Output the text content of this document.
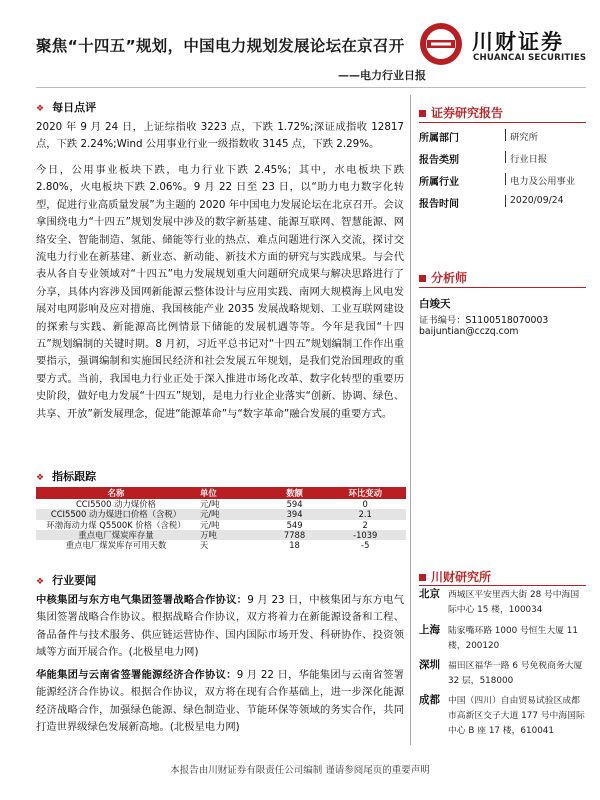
聚焦“十四五”规划，中国电力规划发展论坛在京召开
——电力行业日报
川财证券
CHUANCAI SECURITIES
❖ 每日点评

2020 年 9 月 24 日，上证综指收 3223 点，下跌 1.72%;深证成指收 12817 点，下跌 2.24%;Wind 公用事业行业一级指数收 3145 点，下跌 2.29%。

今日，公用事业板块下跌，电力行业下跌 2.45%；其中，水电板块下跌 2.80%，火电板块下跌 2.06%。9 月 22 日至 23 日，以“助力电力数字化转型，促进行业高质量发展”为主题的 2020 年中国电力发展论坛在北京召开。会议拿围绕电力“十四五”规划发展中涉及的数字新基建、能源互联网、智慧能源、网络安全、智能制造、氢能、储能等行业的热点、难点问题进行深入交流，探讨交流电力行业在新基建、新业态、新动能、新技术方面的研究与实践成果。与会代表从各自专业领域对“十四五”电力发展规划重大问题研究成果与解决思路进行了分享，具体内容涉及国网新能源云整体设计与应用实践、南网大规模海上风电发展对电网影响及应对措施、我国核能产业 2035 发展战略规划、工业互联网建设的探索与实践、新能源高比例情景下储能的发展机遇等等。今年是我国“十四五”规划编制的关键时期。8 月初，习近平总书记对“十四五”规划编制工作作出重要指示，强调编制和实施国民经济和社会发展五年规划，是我们党治国理政的重要方式。当前，我国电力行业正处于深入推进市场化改革、数字化转型的重要历史阶段，做好电力发展“十四五”规划，是电力行业企业落实“创新、协调、绿色、共享、开放”新发展理念，促进“能源革命”与“数字革命”融合发展的重要方式。

❖ 指标跟踪
名称	单位	数额	环比变动
CCI5500 动力煤价格	元/吨	594	0
CCI5500 动力煤进口价格（含税）	元/吨	394	2.1
环渤海动力煤 Q5500K 价格（含税）	元/吨	549	2
重点电厂煤炭库存量	万吨	7788	-1039
重点电厂煤炭库存可用天数	天	18	-5
❖ 行业要闻

中核集团与东方电气集团签署战略合作协议：9 月 23 日，中核集团与东方电气集团签署战略合作协议。根据战略合作协议，双方将着力在新能源设备和工程、备品备件与技术服务、供应链运营协作、国内国际市场开发、科研协作、投资领域等方面开展合作。(北极星电力网)

华能集团与云南省签署能源经济合作协议：9 月 22 日，华能集团与云南省签署能源经济合作协议。根据合作协议，双方将在现有合作基础上，进一步深化能源经济战略合作，加强绿色能源、绿色制造业、节能环保等领域的务实合作，共同打造世界级绿色发展新高地。(北极星电力网)

证券研究报告
所属部门	研究所
报告类别	行业日报
所属行业	电力及公用事业
报告时间	2020/09/24
分析师
白竣天
证书编号：S1100518070003
baijuntian@cczq.com
川财研究所
北京 西城区平安里西大街 28 号中海国际中心 15 楼，100034
上海 陆家嘴环路 1000 号恒生大厦 11 楼，200120
深圳 福田区福华一路 6 号免税商务大厦 32 层，518000
成都 中国（四川）自由贸易试验区成都市高新区交子大道 177 号中海国际中心 B 座 17 楼，610041
本报告由川财证券有限责任公司编制 谨请参阅尾页的重要声明
